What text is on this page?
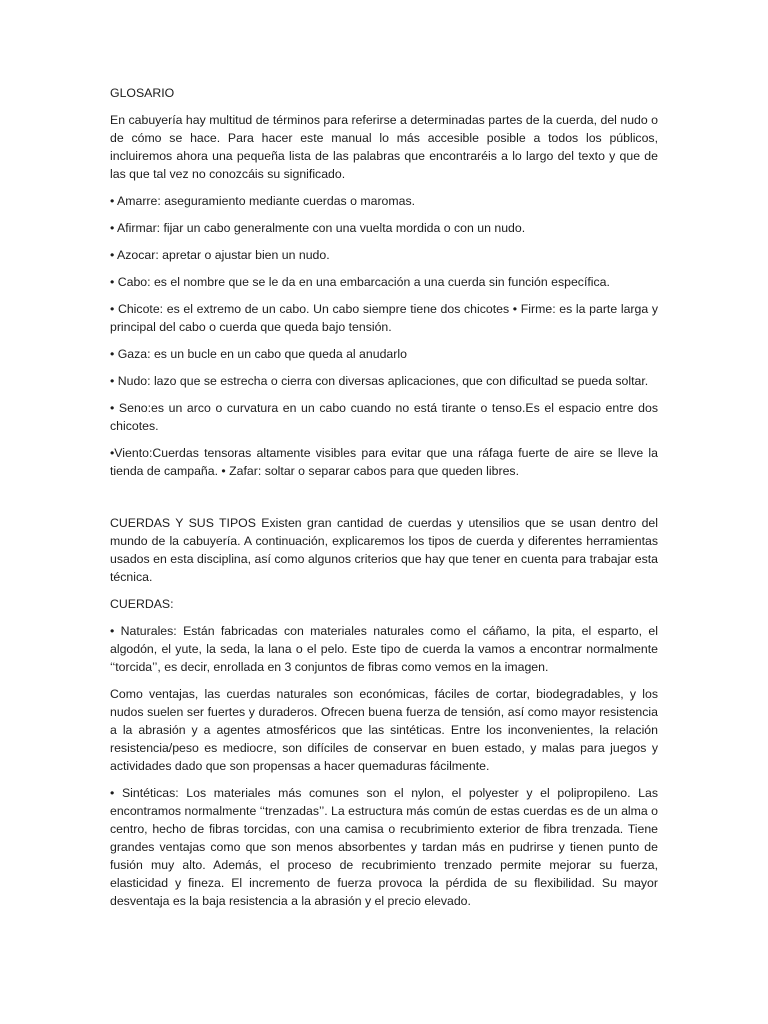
GLOSARIO

En cabuyería hay multitud de términos para referirse a determinadas partes de la cuerda, del nudo o de cómo se hace. Para hacer este manual lo más accesible posible a todos los públicos, incluiremos ahora una pequeña lista de las palabras que encontraréis a lo largo del texto y que de las que tal vez no conozcáis su significado.

• Amarre: aseguramiento mediante cuerdas o maromas.

• Afirmar: fijar un cabo generalmente con una vuelta mordida o con un nudo.

• Azocar: apretar o ajustar bien un nudo.

• Cabo: es el nombre que se le da en una embarcación a una cuerda sin función específica.

• Chicote: es el extremo de un cabo. Un cabo siempre tiene dos chicotes • Firme: es la parte larga y principal del cabo o cuerda que queda bajo tensión.

• Gaza: es un bucle en un cabo que queda al anudarlo

• Nudo: lazo que se estrecha o cierra con diversas aplicaciones, que con dificultad se pueda soltar.

• Seno:es un arco o curvatura en un cabo cuando no está tirante o tenso.Es el espacio entre dos chicotes.

•Viento:Cuerdas tensoras altamente visibles para evitar que una ráfaga fuerte de aire se lleve la tienda de campaña. • Zafar: soltar o separar cabos para que queden libres.

CUERDAS Y SUS TIPOS Existen gran cantidad de cuerdas y utensilios que se usan dentro del mundo de la cabuyería. A continuación, explicaremos los tipos de cuerda y diferentes herramientas usados en esta disciplina, así como algunos criterios que hay que tener en cuenta para trabajar esta técnica.

CUERDAS:

• Naturales: Están fabricadas con materiales naturales como el cáñamo, la pita, el esparto, el algodón, el yute, la seda, la lana o el pelo. Este tipo de cuerda la vamos a encontrar normalmente ‘‘torcida’’, es decir, enrollada en 3 conjuntos de fibras como vemos en la imagen.

Como ventajas, las cuerdas naturales son económicas, fáciles de cortar, biodegradables, y los nudos suelen ser fuertes y duraderos. Ofrecen buena fuerza de tensión, así como mayor resistencia a la abrasión y a agentes atmosféricos que las sintéticas. Entre los inconvenientes, la relación resistencia/peso es mediocre, son difíciles de conservar en buen estado, y malas para juegos y actividades dado que son propensas a hacer quemaduras fácilmente.

• Sintéticas: Los materiales más comunes son el nylon, el polyester y el polipropileno. Las encontramos normalmente ‘‘trenzadas’’. La estructura más común de estas cuerdas es de un alma o centro, hecho de fibras torcidas, con una camisa o recubrimiento exterior de fibra trenzada. Tiene grandes ventajas como que son menos absorbentes y tardan más en pudrirse y tienen punto de fusión muy alto. Además, el proceso de recubrimiento trenzado permite mejorar su fuerza, elasticidad y fineza. El incremento de fuerza provoca la pérdida de su flexibilidad. Su mayor desventaja es la baja resistencia a la abrasión y el precio elevado.
